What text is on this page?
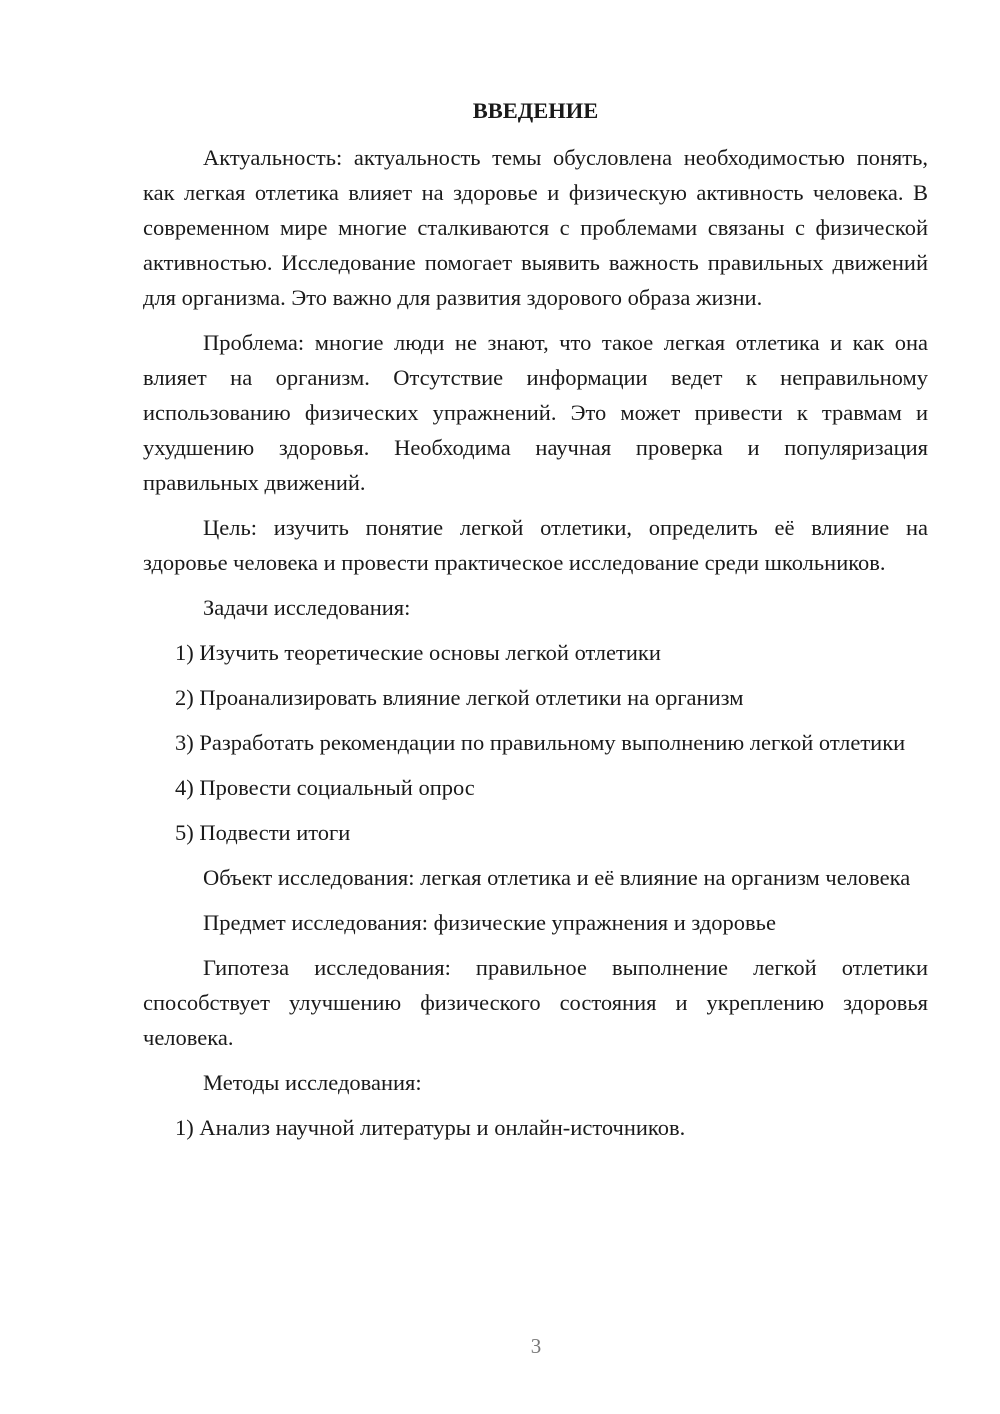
ВВЕДЕНИЕ

Актуальность: актуальность темы обусловлена необходимостью понять, как легкая отлетика влияет на здоровье и физическую активность человека. В современном мире многие сталкиваются с проблемами связаны с физической активностью. Исследование помогает выявить важность правильных движений для организма. Это важно для развития здорового образа жизни.

Проблема: многие люди не знают, что такое легкая отлетика и как она влияет на организм. Отсутствие информации ведет к неправильному использованию физических упражнений. Это может привести к травмам и ухудшению здоровья. Необходима научная проверка и популяризация правильных движений.

Цель: изучить понятие легкой отлетики, определить её влияние на здоровье человека и провести практическое исследование среди школьников.

Задачи исследования:

1) Изучить теоретические основы легкой отлетики

2) Проанализировать влияние легкой отлетики на организм

3) Разработать рекомендации по правильному выполнению легкой отлетики

4) Провести социальный опрос

5) Подвести итоги

Объект исследования: легкая отлетика и её влияние на организм человека

Предмет исследования: физические упражнения и здоровье

Гипотеза исследования: правильное выполнение легкой отлетики способствует улучшению физического состояния и укреплению здоровья человека.

Методы исследования:

1) Анализ научной литературы и онлайн-источников.

3
